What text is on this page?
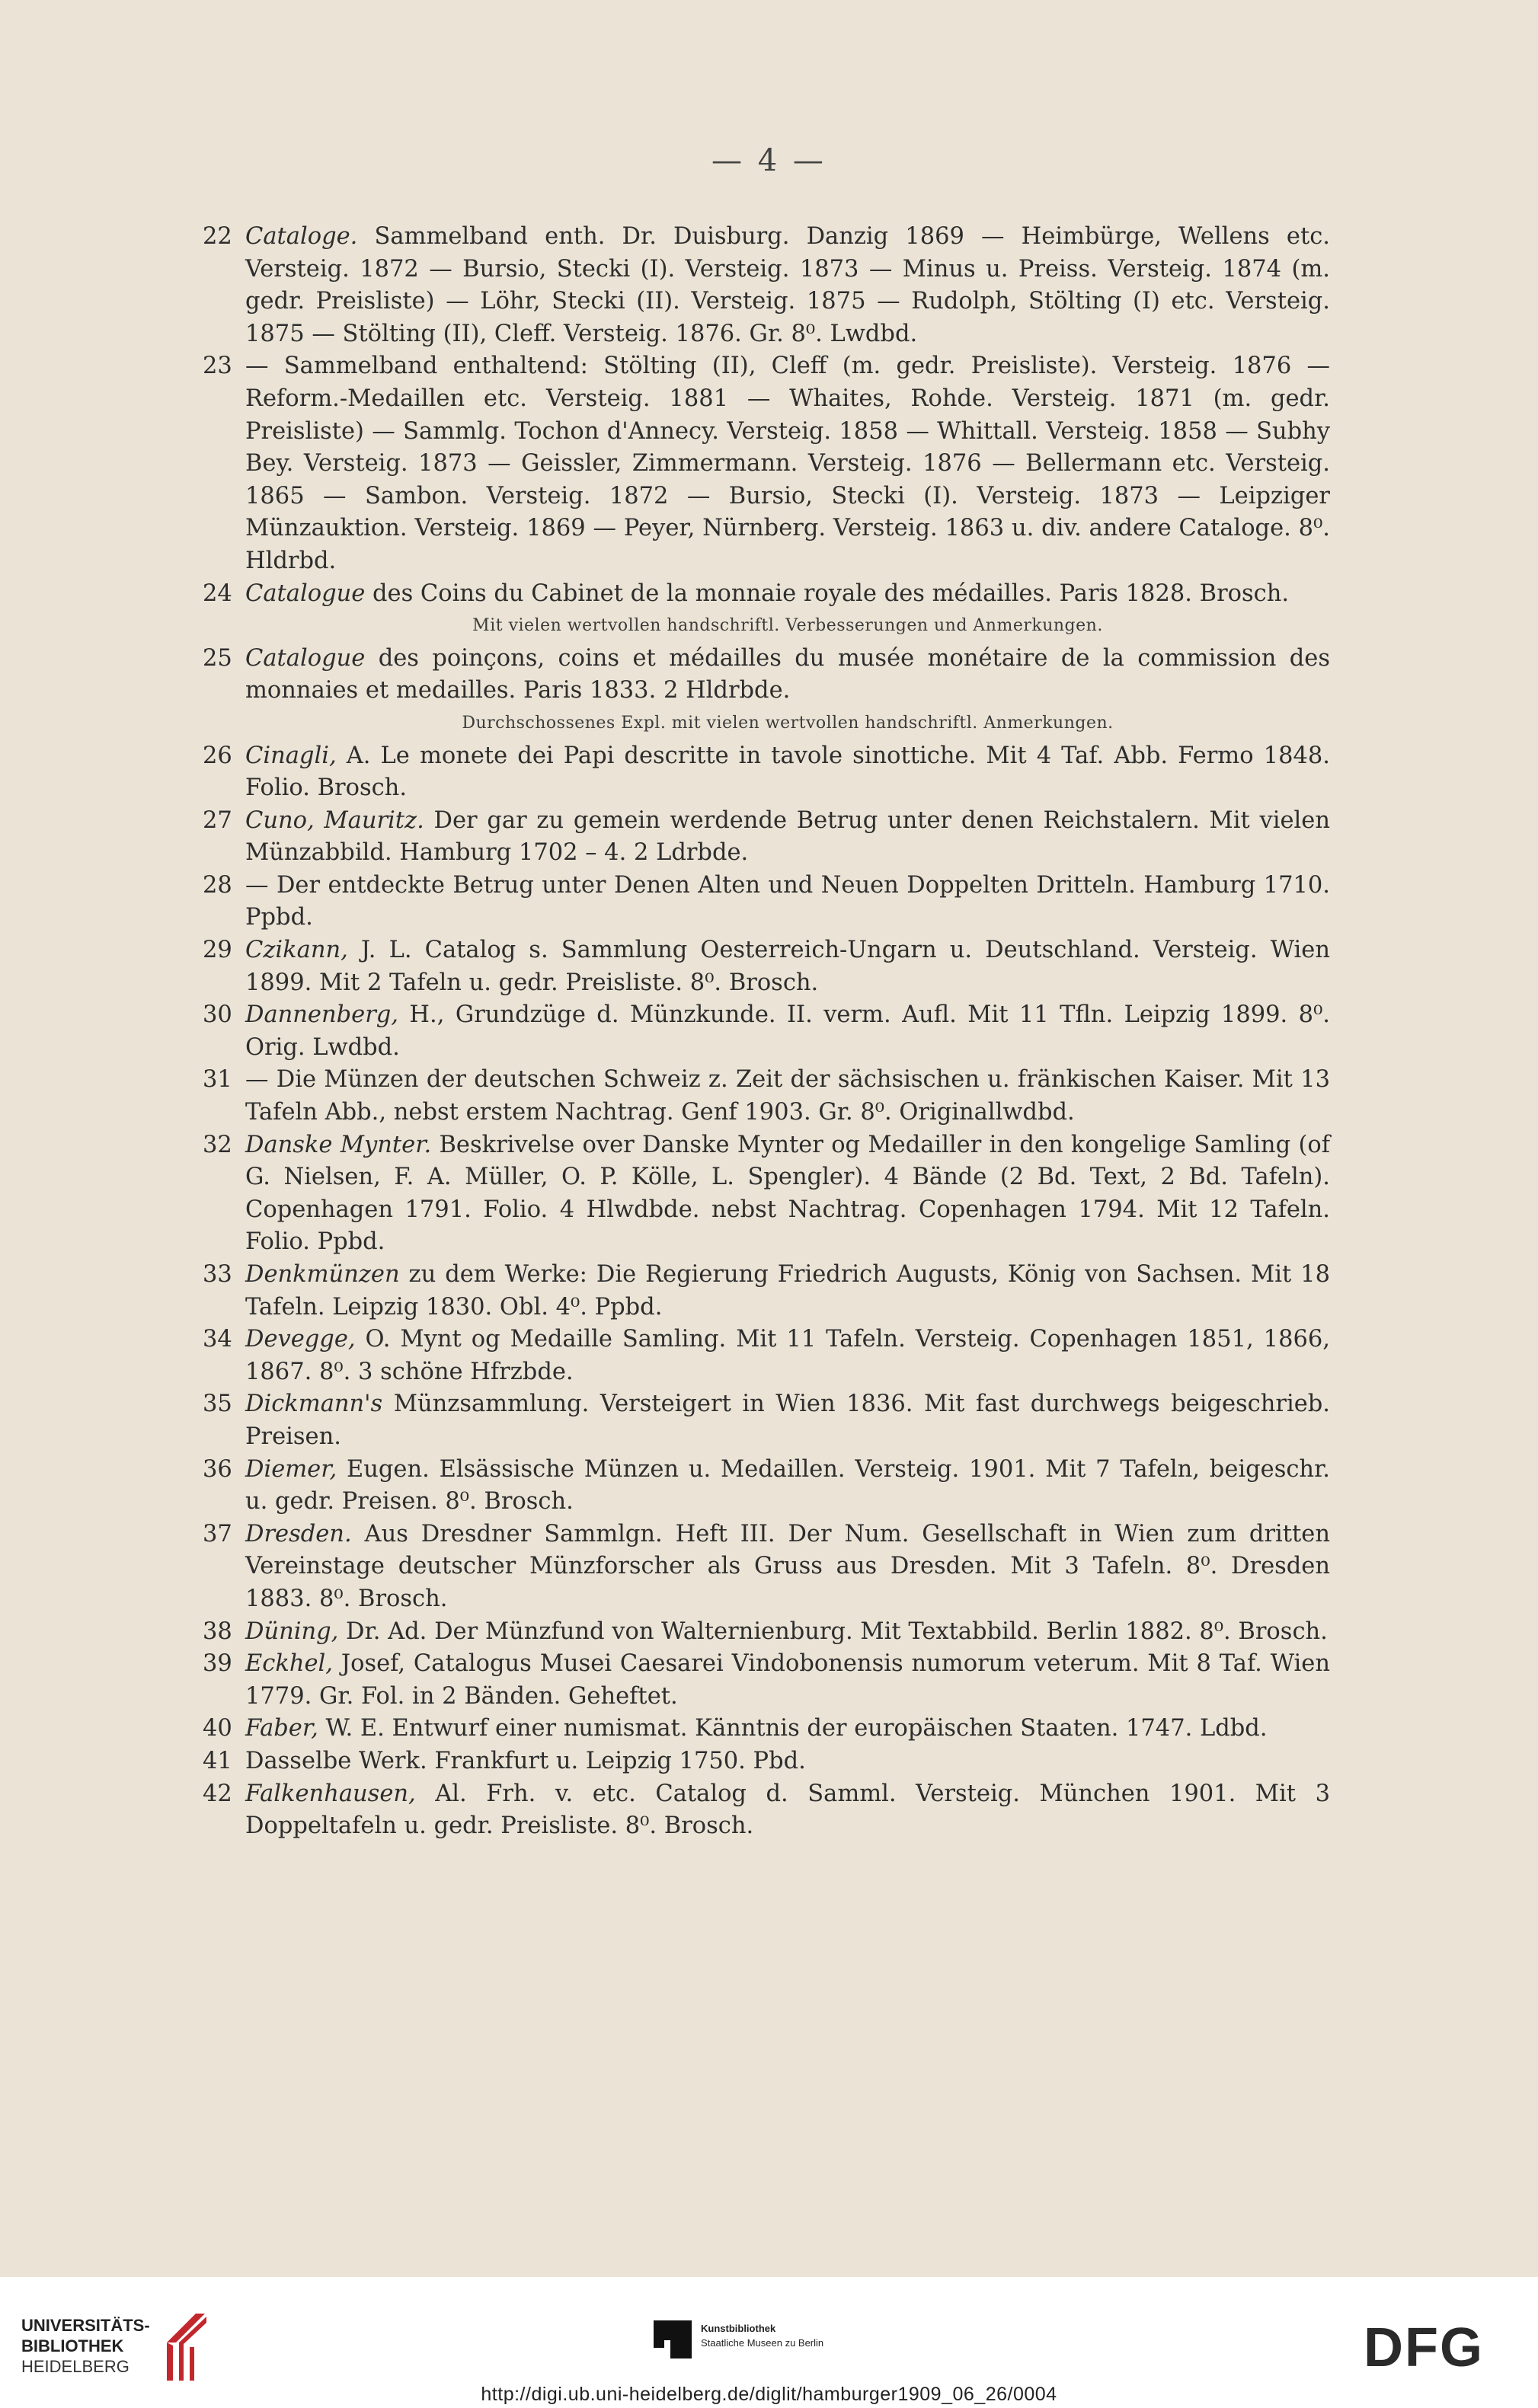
— 4 —
22 Cataloge. Sammelband enth. Dr. Duisburg. Danzig 1869 — Heimbürge, Wellens etc. Versteig. 1872 — Bursio, Stecki (I). Versteig. 1873 — Minus u. Preiss. Versteig. 1874 (m. gedr. Preisliste) — Löhr, Stecki (II). Versteig. 1875 — Rudolph, Stölting (I) etc. Versteig. 1875 — Stölting (II), Cleff. Versteig. 1876. Gr. 8⁰. Lwdbd.
23 — Sammelband enthaltend: Stölting (II), Cleff (m. gedr. Preisliste). Versteig. 1876 — Reform.-Medaillen etc. Versteig. 1881 — Whaites, Rohde. Versteig. 1871 (m. gedr. Preisliste) — Sammlg. Tochon d'Annecy. Versteig. 1858 — Whittall. Versteig. 1858 — Subhy Bey. Versteig. 1873 — Geissler, Zimmermann. Versteig. 1876 — Bellermann etc. Versteig. 1865 — Sambon. Versteig. 1872 — Bursio, Stecki (I). Versteig. 1873 — Leipziger Münzauktion. Versteig. 1869 — Peyer, Nürnberg. Versteig. 1863 u. div. andere Cataloge. 8⁰. Hldrbd.
24 Catalogue des Coins du Cabinet de la monnaie royale des médailles. Paris 1828. Brosch.
Mit vielen wertvollen handschriftl. Verbesserungen und Anmerkungen.
25 Catalogue des poinçons, coins et médailles du musée monétaire de la commission des monnaies et medailles. Paris 1833. 2 Hldrbde.
Durchschossenes Expl. mit vielen wertvollen handschriftl. Anmerkungen.
26 Cinagli, A. Le monete dei Papi descritte in tavole sinottiche. Mit 4 Taf. Abb. Fermo 1848. Folio. Brosch.
27 Cuno, Mauritz. Der gar zu gemein werdende Betrug unter denen Reichstalern. Mit vielen Münzabbild. Hamburg 1702 – 4. 2 Ldrbde.
28 — Der entdeckte Betrug unter Denen Alten und Neuen Doppelten Dritteln. Hamburg 1710. Ppbd.
29 Czikann, J. L. Catalog s. Sammlung Oesterreich-Ungarn u. Deutschland. Versteig. Wien 1899. Mit 2 Tafeln u. gedr. Preisliste. 8⁰. Brosch.
30 Dannenberg, H., Grundzüge d. Münzkunde. II. verm. Aufl. Mit 11 Tfln. Leipzig 1899. 8⁰. Orig. Lwdbd.
31 — Die Münzen der deutschen Schweiz z. Zeit der sächsischen u. fränkischen Kaiser. Mit 13 Tafeln Abb., nebst erstem Nachtrag. Genf 1903. Gr. 8⁰. Originallwdbd.
32 Danske Mynter. Beskrivelse over Danske Mynter og Medailler in den kongelige Samling (of G. Nielsen, F. A. Müller, O. P. Kölle, L. Spengler). 4 Bände (2 Bd. Text, 2 Bd. Tafeln). Copenhagen 1791. Folio. 4 Hlwdbde. nebst Nachtrag. Copenhagen 1794. Mit 12 Tafeln. Folio. Ppbd.
33 Denkmünzen zu dem Werke: Die Regierung Friedrich Augusts, König von Sachsen. Mit 18 Tafeln. Leipzig 1830. Obl. 4⁰. Ppbd.
34 Devegge, O. Mynt og Medaille Samling. Mit 11 Tafeln. Versteig. Copenhagen 1851, 1866, 1867. 8⁰. 3 schöne Hfrzbde.
35 Dickmann's Münzsammlung. Versteigert in Wien 1836. Mit fast durchwegs beigeschrieb. Preisen.
36 Diemer, Eugen. Elsässische Münzen u. Medaillen. Versteig. 1901. Mit 7 Tafeln, beigeschr. u. gedr. Preisen. 8⁰. Brosch.
37 Dresden. Aus Dresdner Sammlgn. Heft III. Der Num. Gesellschaft in Wien zum dritten Vereinstage deutscher Münzforscher als Gruss aus Dresden. Mit 3 Tafeln. 8⁰. Dresden 1883. 8⁰. Brosch.
38 Düning, Dr. Ad. Der Münzfund von Walternienburg. Mit Textabbild. Berlin 1882. 8⁰. Brosch.
39 Eckhel, Josef, Catalogus Musei Caesarei Vindobonensis numorum veterum. Mit 8 Taf. Wien 1779. Gr. Fol. in 2 Bänden. Geheftet.
40 Faber, W. E. Entwurf einer numismat. Känntnis der europäischen Staaten. 1747. Ldbd.
41 Dasselbe Werk. Frankfurt u. Leipzig 1750. Pbd.
42 Falkenhausen, Al. Frh. v. etc. Catalog d. Samml. Versteig. München 1901. Mit 3 Doppeltafeln u. gedr. Preisliste. 8⁰. Brosch.
UNIVERSITÄTS-
BIBLIOTHEK
HEIDELBERG
Kunstbibliothek
Staatliche Museen zu Berlin	DFG
http://digi.ub.uni-heidelberg.de/diglit/hamburger1909_06_26/0004
